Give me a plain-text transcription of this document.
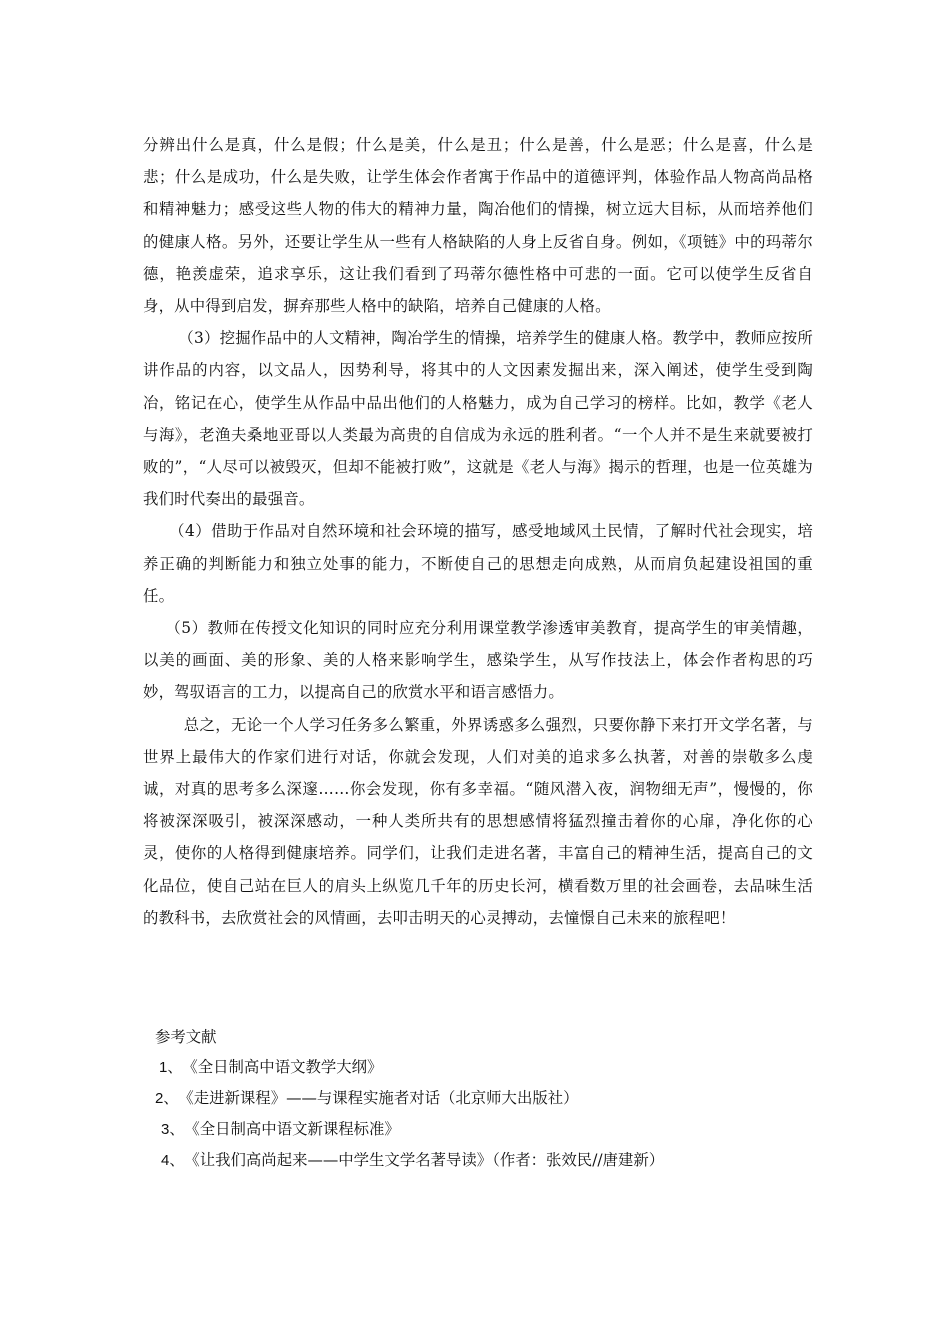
分辨出什么是真，什么是假；什么是美，什么是丑；什么是善，什么是恶；什么是喜，什么是悲；什么是成功，什么是失败，让学生体会作者寓于作品中的道德评判，体验作品人物高尚品格和精神魅力；感受这些人物的伟大的精神力量，陶冶他们的情操，树立远大目标，从而培养他们的健康人格。另外，还要让学生从一些有人格缺陷的人身上反省自身。例如，《项链》中的玛蒂尔德，艳羡虚荣，追求享乐，这让我们看到了玛蒂尔德性格中可悲的一面。它可以使学生反省自身，从中得到启发，摒弃那些人格中的缺陷，培养自己健康的人格。

（3）挖掘作品中的人文精神，陶冶学生的情操，培养学生的健康人格。教学中，教师应按所讲作品的内容，以文品人，因势利导，将其中的人文因素发掘出来，深入阐述，使学生受到陶冶，铭记在心，使学生从作品中品出他们的人格魅力，成为自己学习的榜样。比如，教学《老人与海》，老渔夫桑地亚哥以人类最为高贵的自信成为永远的胜利者。“一个人并不是生来就要被打败的”，“人尽可以被毁灭，但却不能被打败”，这就是《老人与海》揭示的哲理，也是一位英雄为我们时代奏出的最强音。

（4）借助于作品对自然环境和社会环境的描写，感受地域风土民情，了解时代社会现实，培养正确的判断能力和独立处事的能力，不断使自己的思想走向成熟，从而肩负起建设祖国的重任。

（5）教师在传授文化知识的同时应充分利用课堂教学渗透审美教育，提高学生的审美情趣，以美的画面、美的形象、美的人格来影响学生，感染学生，从写作技法上，体会作者构思的巧妙，驾驭语言的工力，以提高自己的欣赏水平和语言感悟力。

总之，无论一个人学习任务多么繁重，外界诱惑多么强烈，只要你静下来打开文学名著，与世界上最伟大的作家们进行对话，你就会发现，人们对美的追求多么执著，对善的崇敬多么虔诚，对真的思考多么深邃……你会发现，你有多幸福。“随风潜入夜，润物细无声”，慢慢的，你将被深深吸引，被深深感动，一种人类所共有的思想感情将猛烈撞击着你的心扉，净化你的心灵，使你的人格得到健康培养。同学们，让我们走进名著，丰富自己的精神生活，提高自己的文化品位，使自己站在巨人的肩头上纵览几千年的历史长河，横看数万里的社会画卷，去品味生活的教科书，去欣赏社会的风情画，去叩击明天的心灵搏动，去憧憬自己未来的旅程吧！

参考文献

1、《全日制高中语文教学大纲》
2、《走进新课程》——与课程实施者对话（北京师大出版社）
3、《全日制高中语文新课程标准》
4、《让我们高尚起来——中学生文学名著导读》（作者：张效民//唐建新）
